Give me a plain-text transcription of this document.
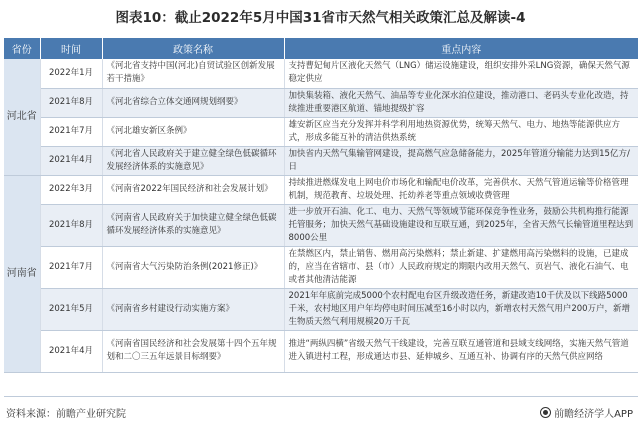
图表10：截止2022年5月中国31省市天然气相关政策汇总及解读-4
省份	时间	政策名称	重点内容
河北省	2022年1月	《河北省支持中国(河北)自贸试验区创新发展若干措施》	支持曹妃甸片区液化天然气（LNG）储运设施建设，组织安排外采LNG资源，确保天然气源稳定供应
	2021年8月	《河北省综合立体交通网规划纲要》	加快集装箱、液化天然气、油品等专业化深水泊位建设，推动港口、老码头专业化改造，持续推进重要港区航道、锚地提级扩容
	2021年7月	《河北雄安新区条例》	雄安新区应当充分发挥并科学利用地热资源优势，统筹天然气、电力、地热等能源供应方式，形成多能互补的清洁供热系统
	2021年4月	《河北省人民政府关于建立健全绿色低碳循环发展经济体系的实施意见》	加快省内天然气集输管网建设，提高燃气应急储备能力，2025年管道分输能力达到15亿方/日
河南省	2022年3月	《河南省2022年国民经济和社会发展计划》	持续推进燃煤发电上网电价市场化和输配电价改革，完善供水、天然气管道运输等价格管理机制，规范教育、垃圾处理、托幼养老等重点领域收费管理
	2021年8月	《河南省人民政府关于加快建立健全绿色低碳循环发展经济体系的实施意见》	进一步放开石油、化工、电力、天然气等领域节能环保竞争性业务，鼓励公共机构推行能源托管服务；加快天然气基础设施建设和互联互通，到2025年，全省天然气长输管道里程达到8000公里
	2021年7月	《河南省大气污染防治条例(2021修正)》	在禁燃区内，禁止销售、燃用高污染燃料；禁止新建、扩建燃用高污染燃料的设施，已建成的，应当在省辖市、县（市）人民政府规定的期限内改用天然气、页岩气、液化石油气、电或者其他清洁能源
	2021年5月	《河南省乡村建设行动实施方案》	2021年年底前完成5000个农村配电台区升级改造任务，新建改造10千伏及以下线路5000千米，农村地区用户年均停电时间压减至16小时以内，新增农村天然气用户200万户，新增生物质天然气利用规模20万千瓦
	2021年4月	《河南省国民经济和社会发展第十四个五年规划和二〇三五年远景目标纲要》	推进“两纵四横”省级天然气干线建设，完善互联互通管道和县域支线网络，实施天然气管道进入镇进村工程，形成通达市县、延伸城乡、互通互补、协调有序的天然气供应网络
资料来源：前瞻产业研究院	前瞻经济学人APP
